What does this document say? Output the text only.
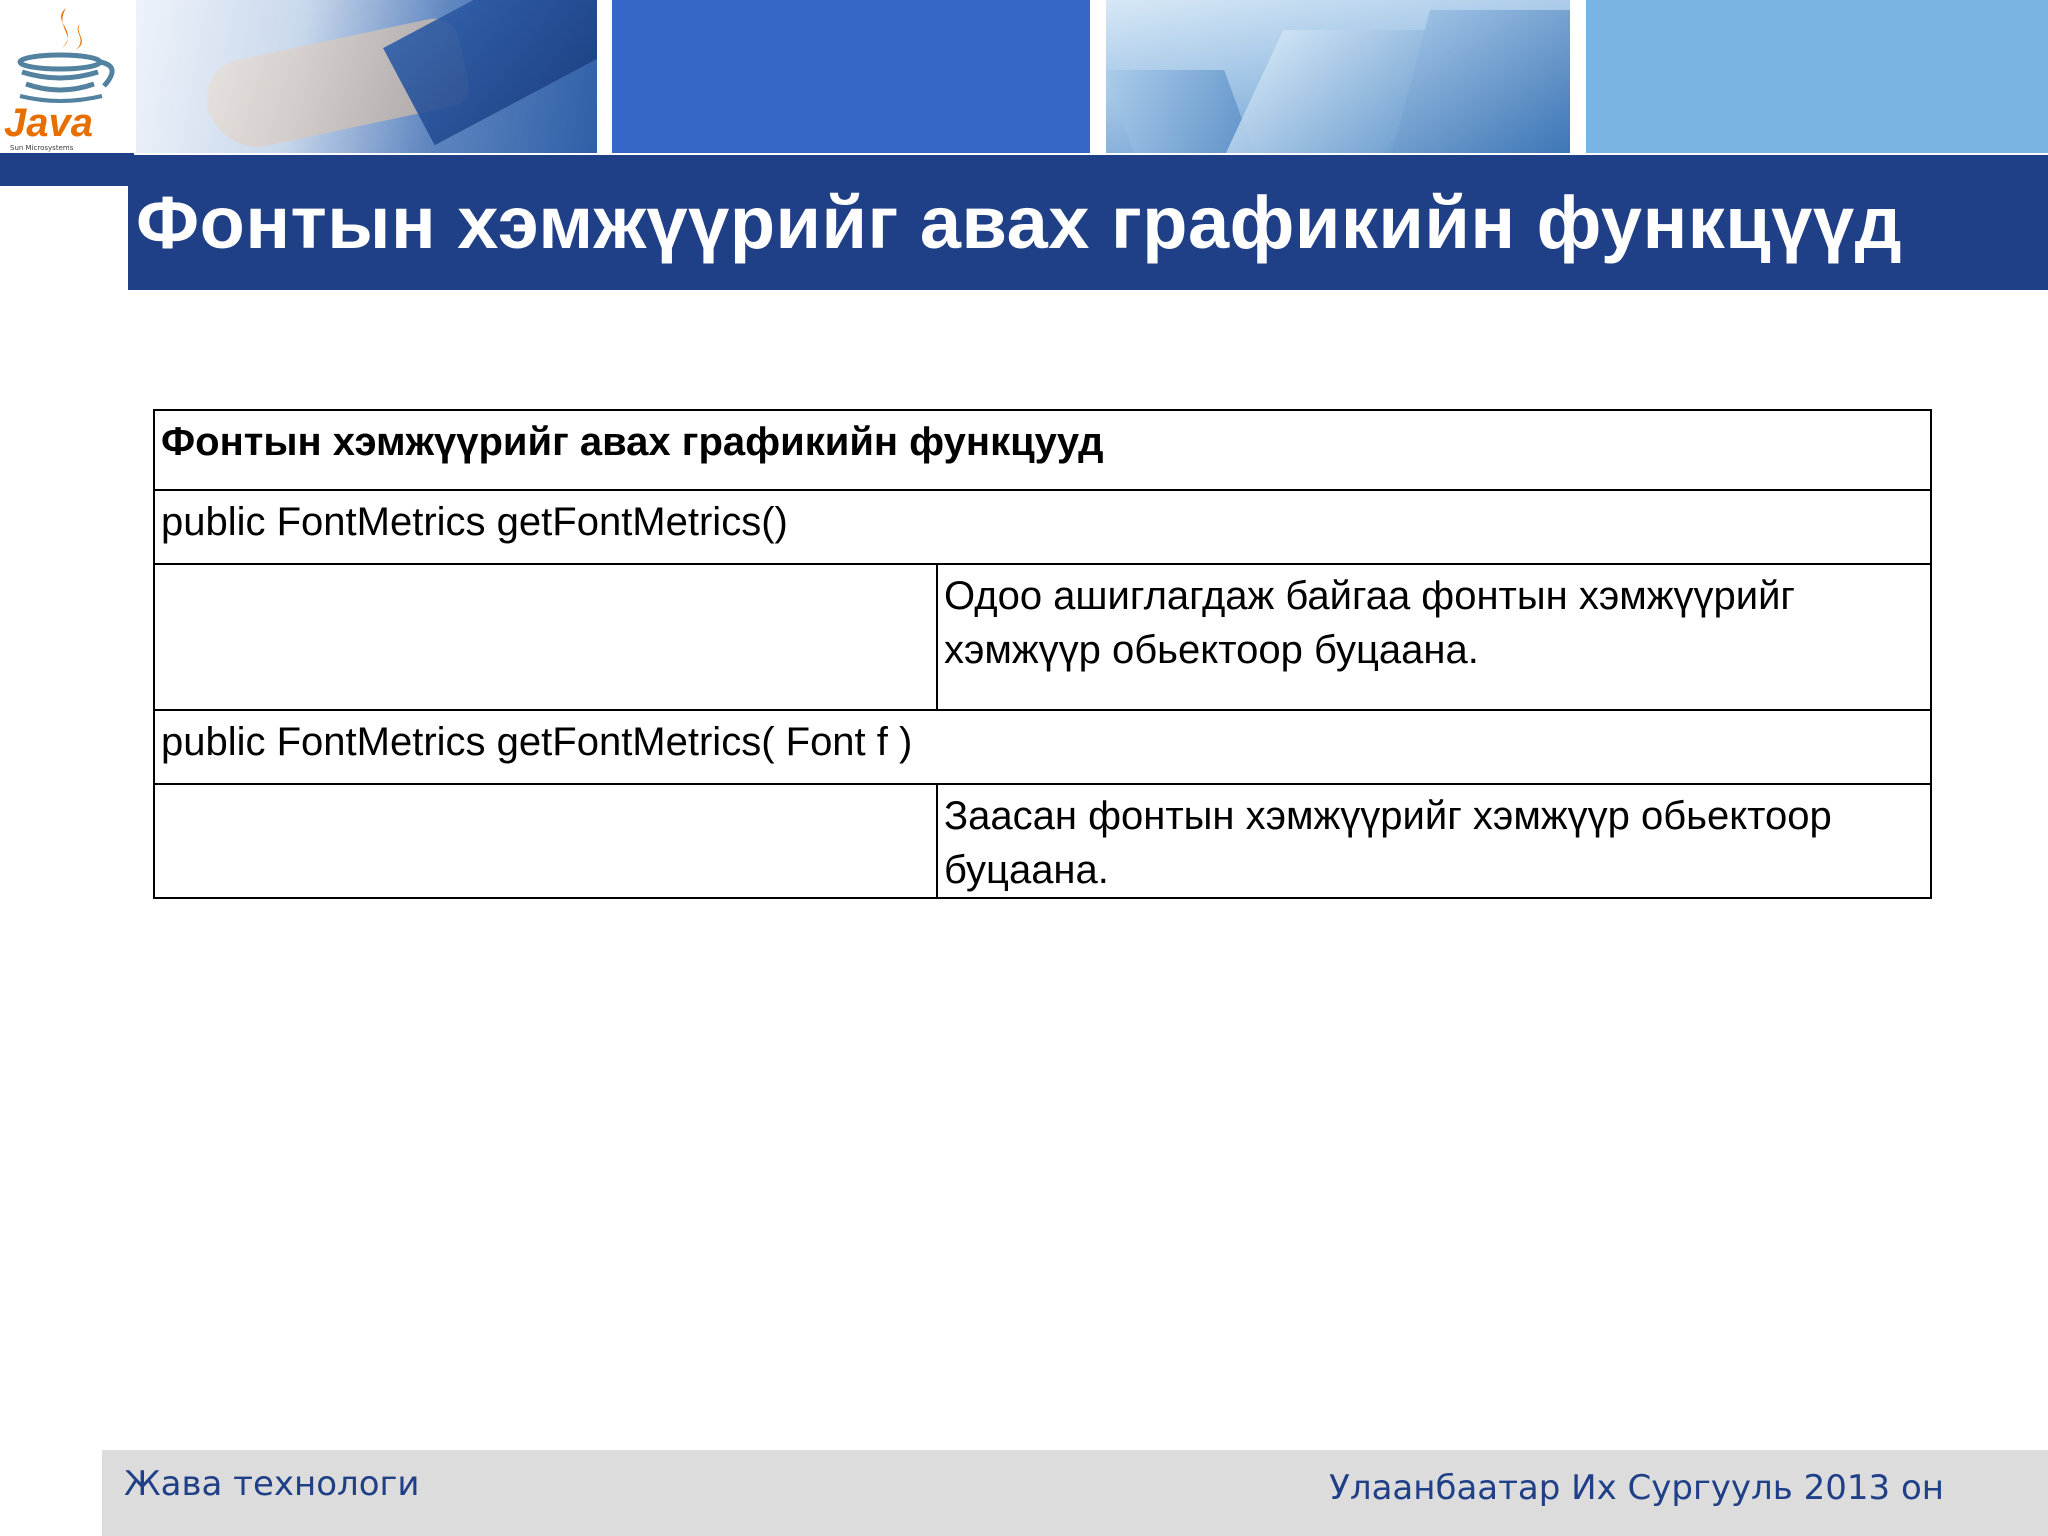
Java
Sun Microsystems
Фонтын хэмжүүрийг авах графикийн функцүүд
Фонтын хэмжүүрийг авах графикийн функцууд	
public FontMetrics getFontMetrics()	
	Одоо ашиглагдаж байгаа фонтын хэмжүүрийг хэмжүүр обьектоор буцаана.
public FontMetrics getFontMetrics( Font f )	
	Заасан фонтын хэмжүүрийг хэмжүүр обьектоор буцаана.
Жава технологи	Улаанбаатар Их Сургууль 2013 он
